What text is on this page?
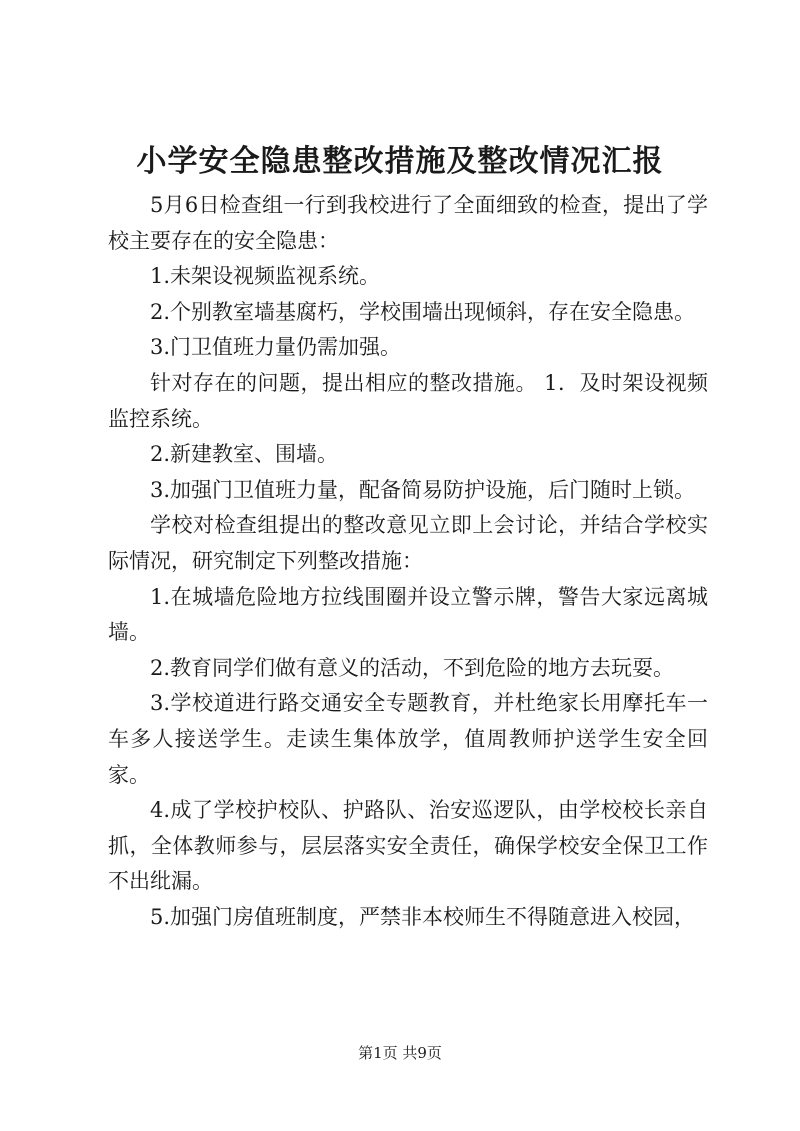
小学安全隐患整改措施及整改情况汇报

5月6日检查组一行到我校进行了全面细致的检查，提出了学校主要存在的安全隐患：

1.未架设视频监视系统。

2.个别教室墙基腐朽，学校围墙出现倾斜，存在安全隐患。

3.门卫值班力量仍需加强。

针对存在的问题，提出相应的整改措施。 1．及时架设视频监控系统。

2.新建教室、围墙。

3.加强门卫值班力量，配备简易防护设施，后门随时上锁。

学校对检查组提出的整改意见立即上会讨论，并结合学校实际情况，研究制定下列整改措施：

1.在城墙危险地方拉线围圈并设立警示牌，警告大家远离城墙。

2.教育同学们做有意义的活动，不到危险的地方去玩耍。

3.学校道进行路交通安全专题教育，并杜绝家长用摩托车一车多人接送学生。走读生集体放学，值周教师护送学生安全回家。

4.成了学校护校队、护路队、治安巡逻队，由学校校长亲自抓，全体教师参与，层层落实安全责任，确保学校安全保卫工作不出纰漏。

5.加强门房值班制度，严禁非本校师生不得随意进入校园，

第1页 共9页
